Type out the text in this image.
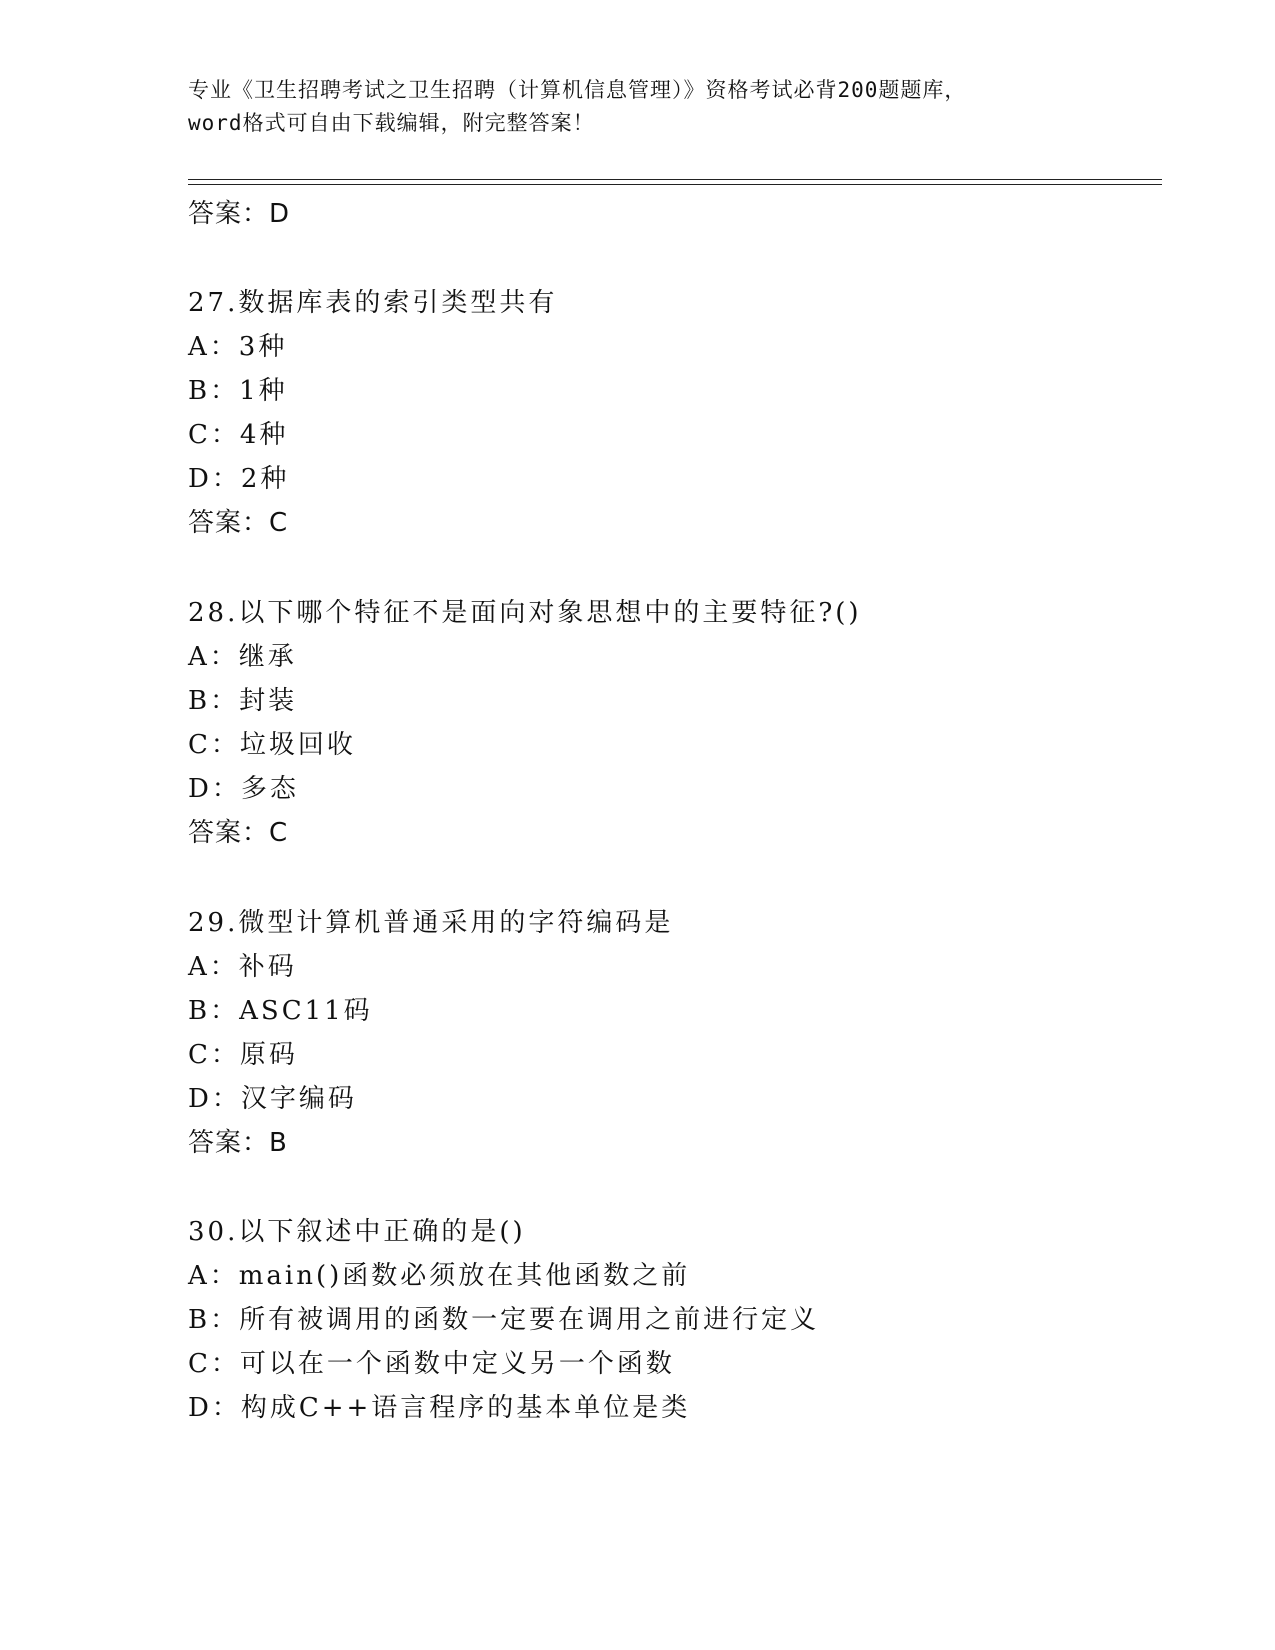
专业《卫生招聘考试之卫生招聘（计算机信息管理）》资格考试必背200题题库，
word格式可自由下载编辑，附完整答案！
答案：D
27.数据库表的索引类型共有
A：3种
B：1种
C：4种
D：2种
答案：C
28.以下哪个特征不是面向对象思想中的主要特征?()
A：继承
B：封装
C：垃圾回收
D：多态
答案：C
29.微型计算机普通采用的字符编码是
A：补码
B：ASC11码
C：原码
D：汉字编码
答案：B
30.以下叙述中正确的是()
A：main()函数必须放在其他函数之前
B：所有被调用的函数一定要在调用之前进行定义
C：可以在一个函数中定义另一个函数
D：构成C++语言程序的基本单位是类
